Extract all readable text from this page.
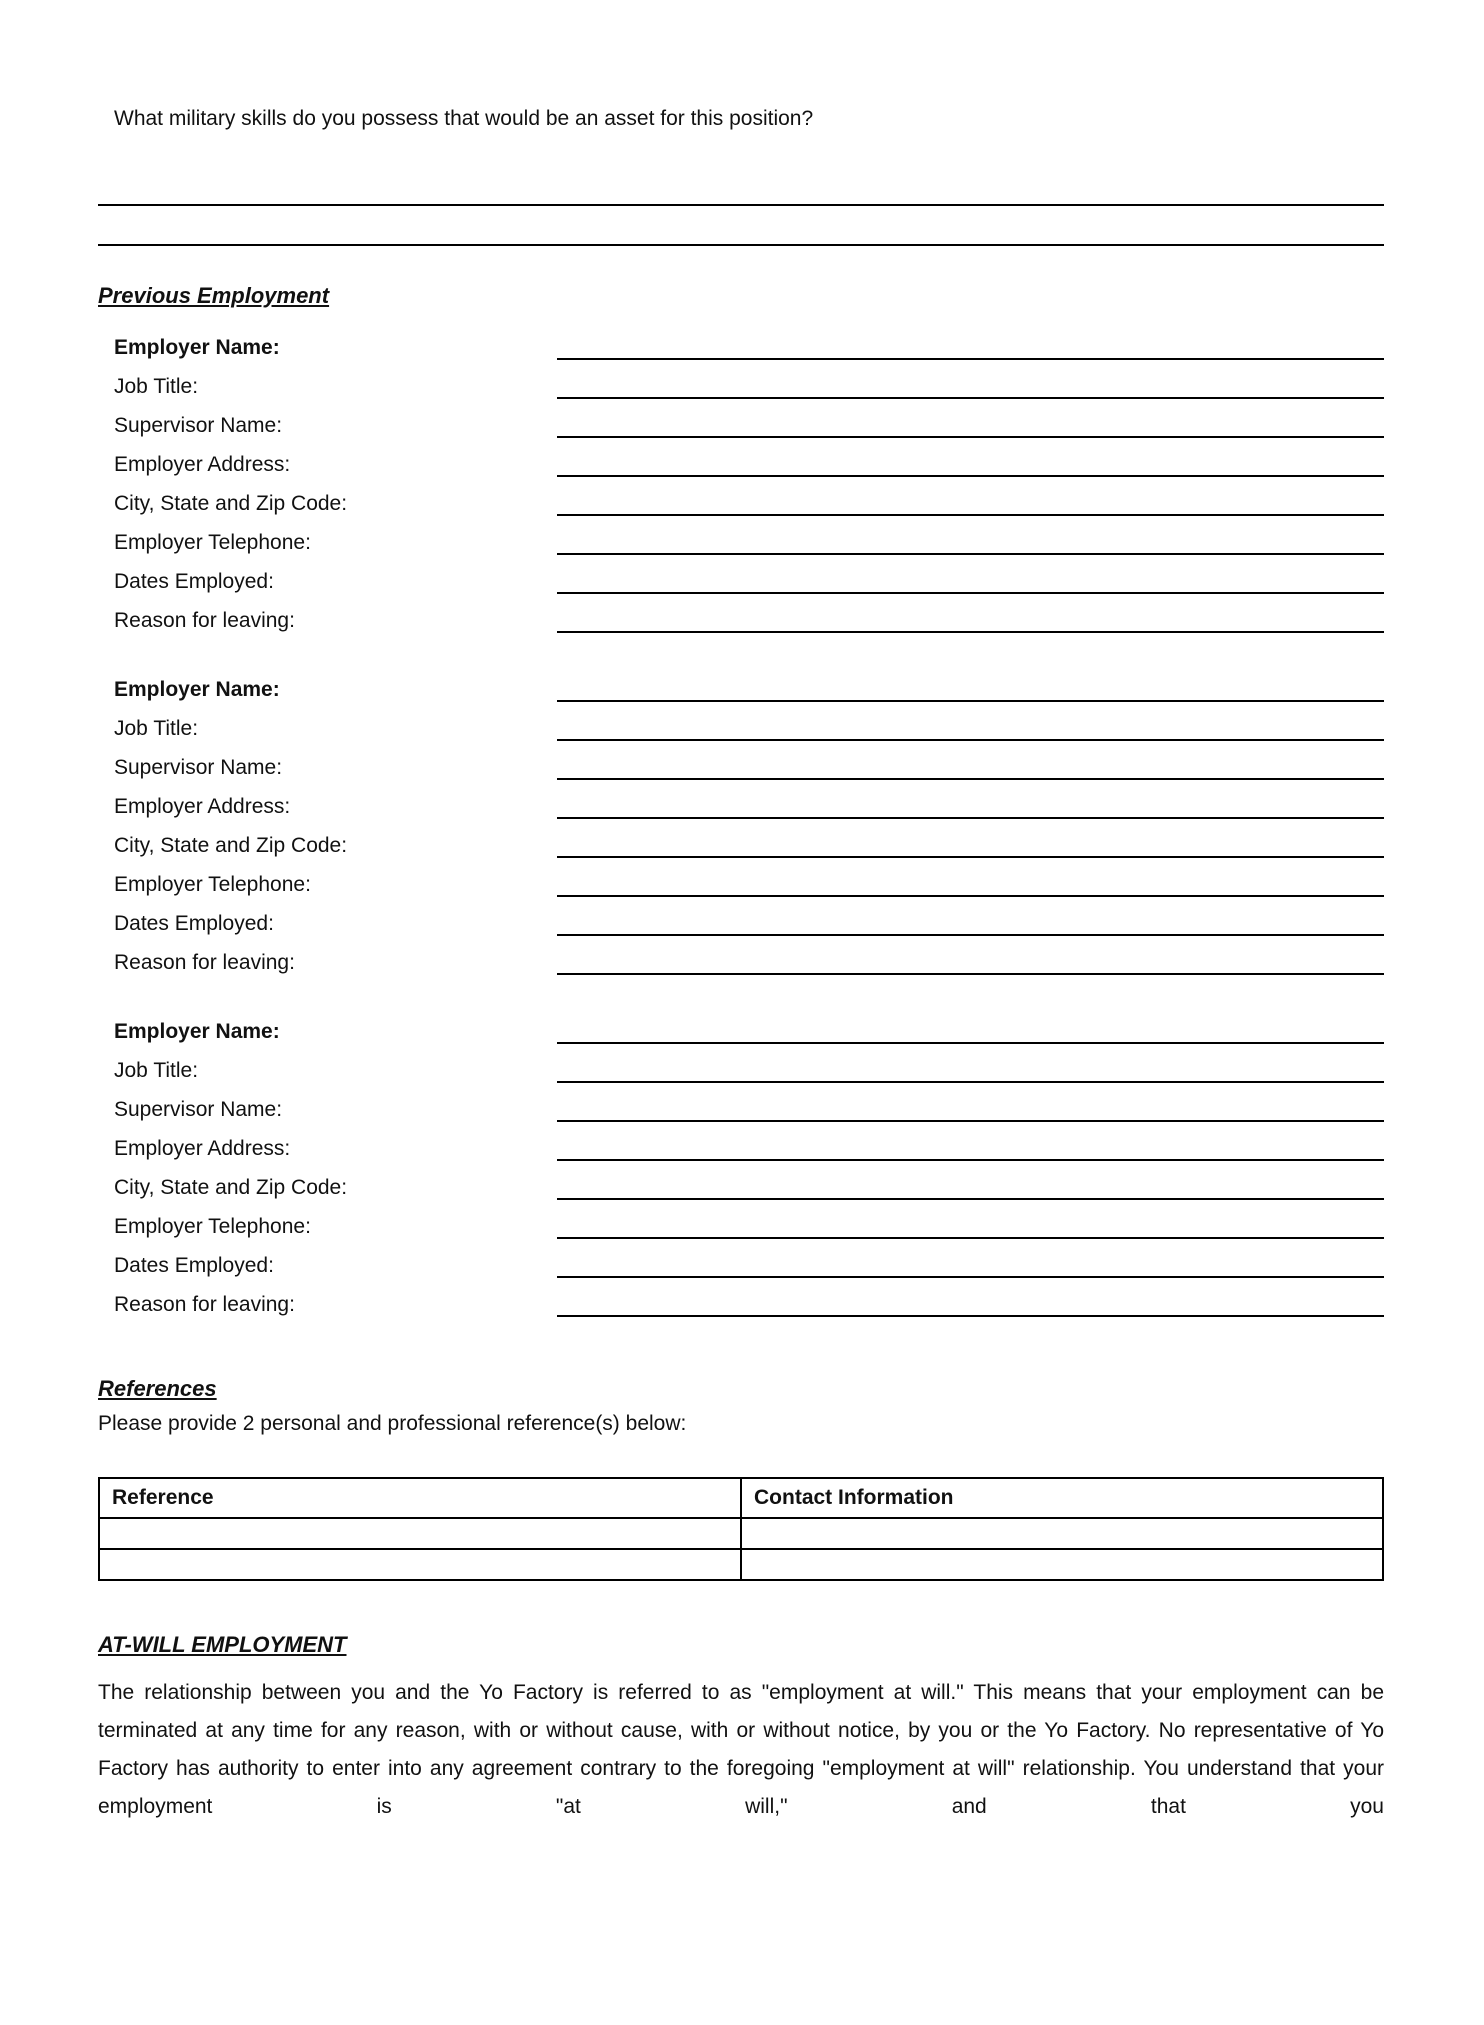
What military skills do you possess that would be an asset for this position?
Previous Employment
Employer Name:
Job Title:
Supervisor Name:
Employer Address:
City, State and Zip Code:
Employer Telephone:
Dates Employed:
Reason for leaving:
Employer Name:
Job Title:
Supervisor Name:
Employer Address:
City, State and Zip Code:
Employer Telephone:
Dates Employed:
Reason for leaving:
Employer Name:
Job Title:
Supervisor Name:
Employer Address:
City, State and Zip Code:
Employer Telephone:
Dates Employed:
Reason for leaving:
References

Please provide 2 personal and professional reference(s) below:

Reference	Contact Information

AT-WILL EMPLOYMENT

The relationship between you and the Yo Factory is referred to as "employment at will." This means that your employment can be terminated at any time for any reason, with or without cause, with or without notice, by you or the Yo Factory. No representative of Yo Factory has authority to enter into any agreement contrary to the foregoing "employment at will" relationship. You understand that your employment is "at will," and that you
